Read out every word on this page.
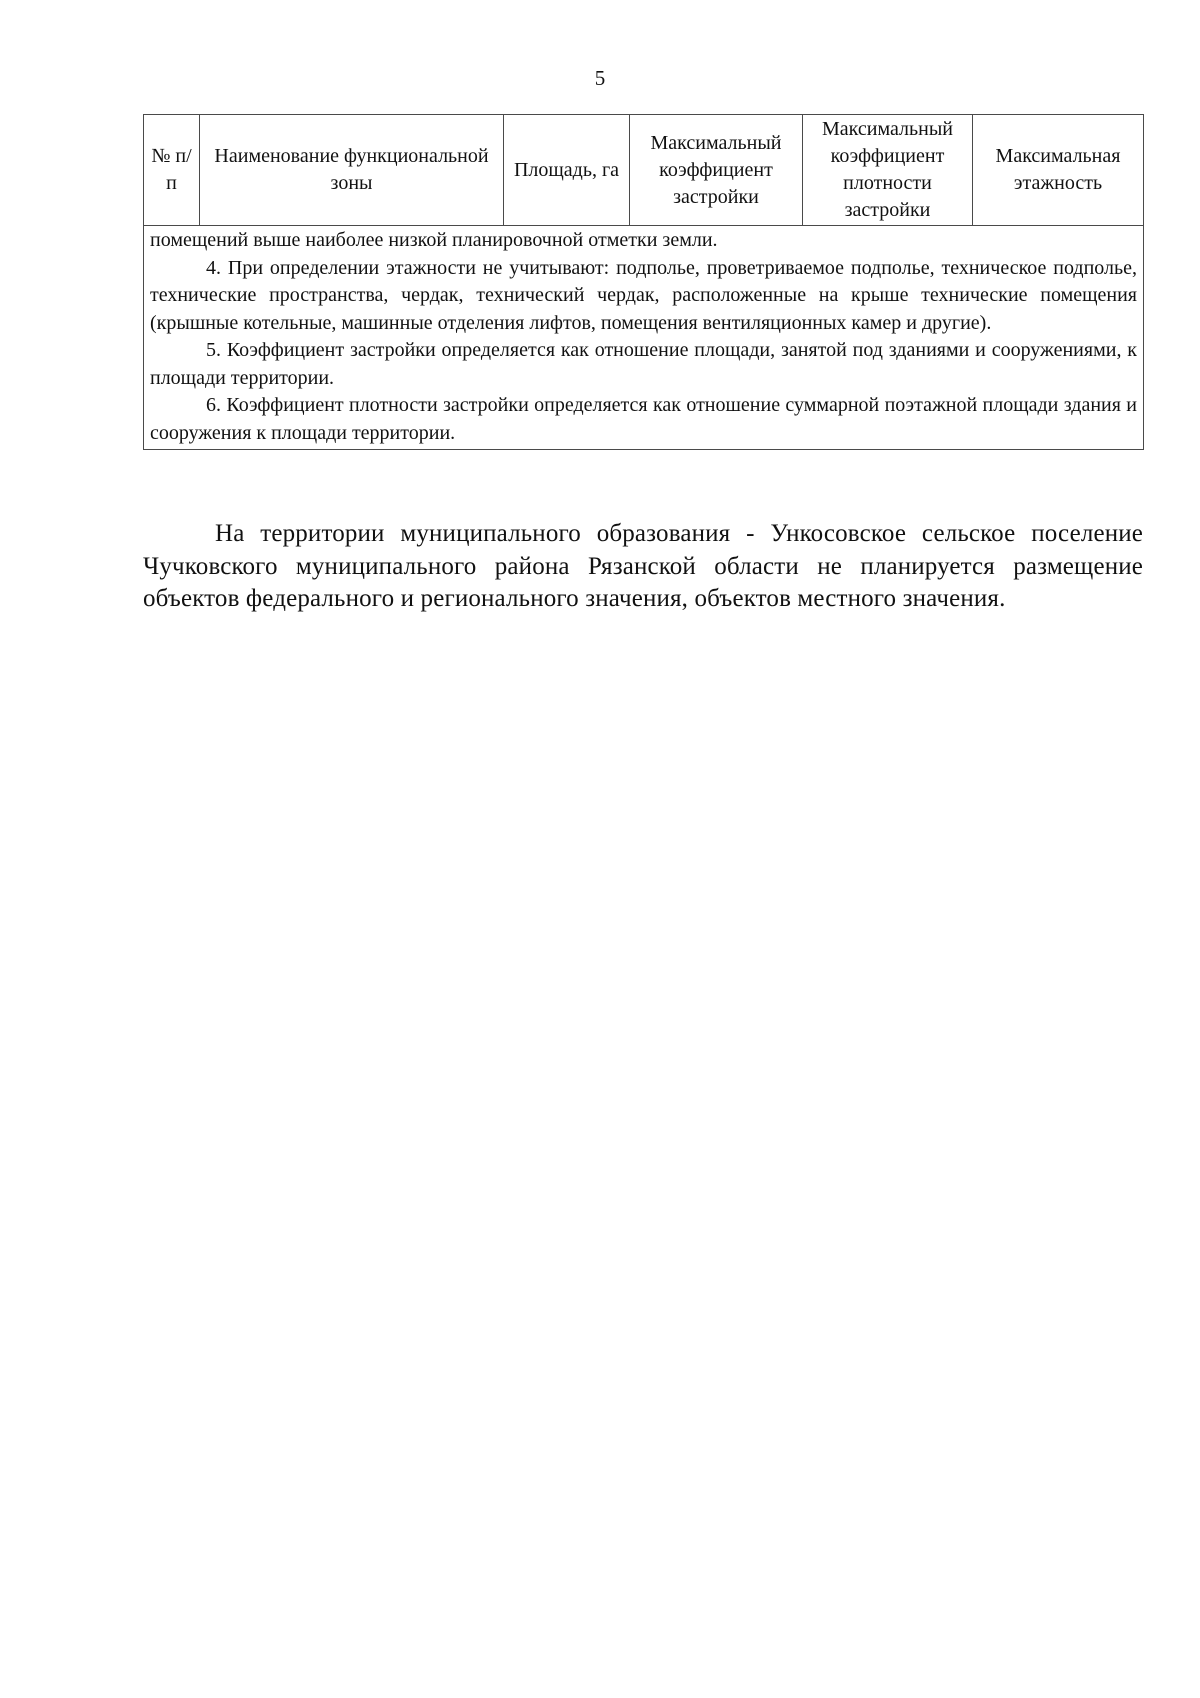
5
№ п/п	Наименование функциональной зоны	Площадь, га	Максимальный коэффициент застройки	Максимальный коэффициент плотности застройки	Максимальная этажность

помещений выше наиболее низкой планировочной отметки земли.

4. При определении этажности не учитывают: подполье, проветриваемое подполье, техническое подполье, технические пространства, чердак, технический чердак, расположенные на крыше технические помещения (крышные котельные, машинные отделения лифтов, помещения вентиляционных камер и другие).

5. Коэффициент застройки определяется как отношение площади, занятой под зданиями и сооружениями, к площади территории.

6. Коэффициент плотности застройки определяется как отношение суммарной поэтажной площади здания и сооружения к площади территории.

На территории муниципального образования - Ункосовское сельское поселение Чучковского муниципального района Рязанской области не планируется размещение объектов федерального и регионального значения, объектов местного значения.
